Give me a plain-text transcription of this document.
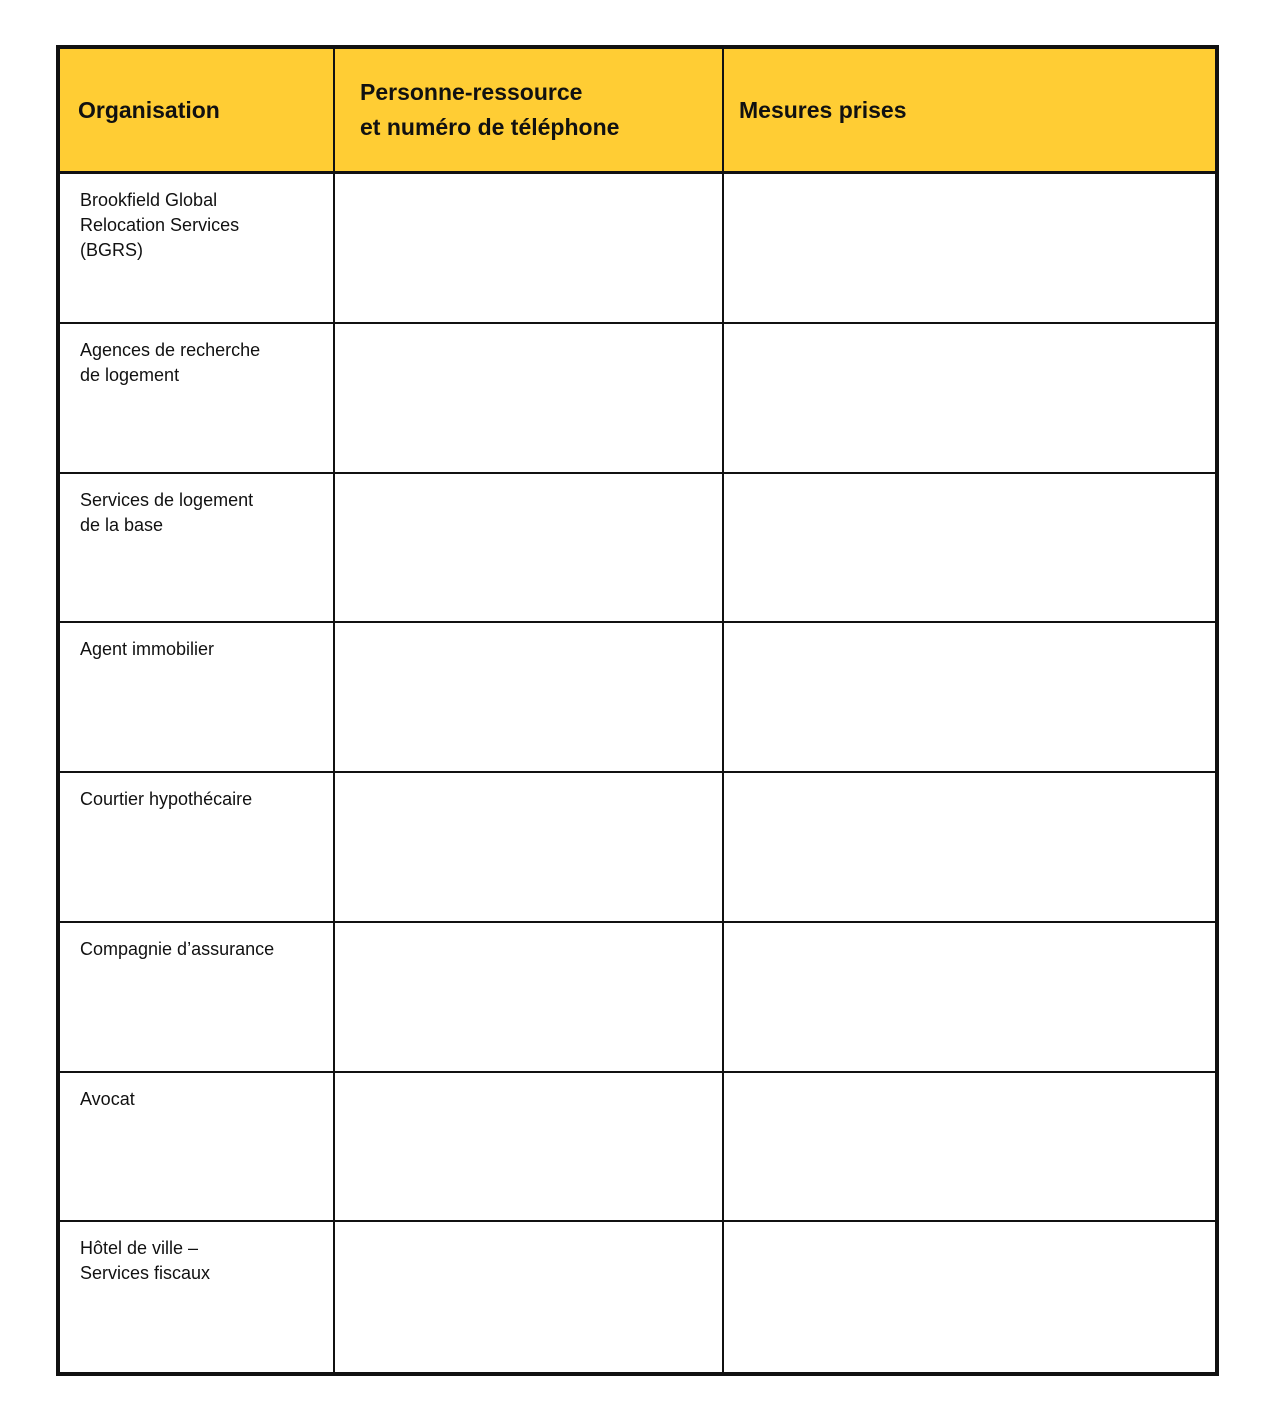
Organisation
Personne-ressource
et numéro de téléphone
Mesures prises
Brookfield Global
Relocation Services
(BGRS)
Agences de recherche
de logement
Services de logement
de la base
Agent immobilier
Courtier hypothécaire
Compagnie d’assurance
Avocat
Hôtel de ville –
Services fiscaux
